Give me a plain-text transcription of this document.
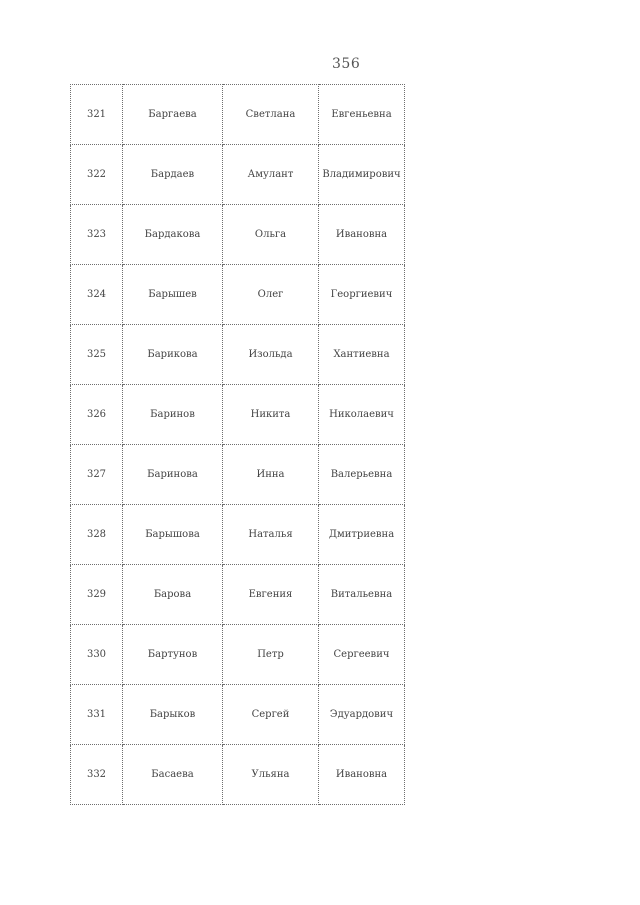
356
321	Баргаева	Светлана	Евгеньевна
322	Бардаев	Амулант	Владимирович
323	Бардакова	Ольга	Ивановна
324	Барышев	Олег	Георгиевич
325	Барикова	Изольда	Хантиевна
326	Баринов	Никита	Николаевич
327	Баринова	Инна	Валерьевна
328	Барышова	Наталья	Дмитриевна
329	Барова	Евгения	Витальевна
330	Бартунов	Петр	Сергеевич
331	Барыков	Сергей	Эдуардович
332	Басаева	Ульяна	Ивановна
